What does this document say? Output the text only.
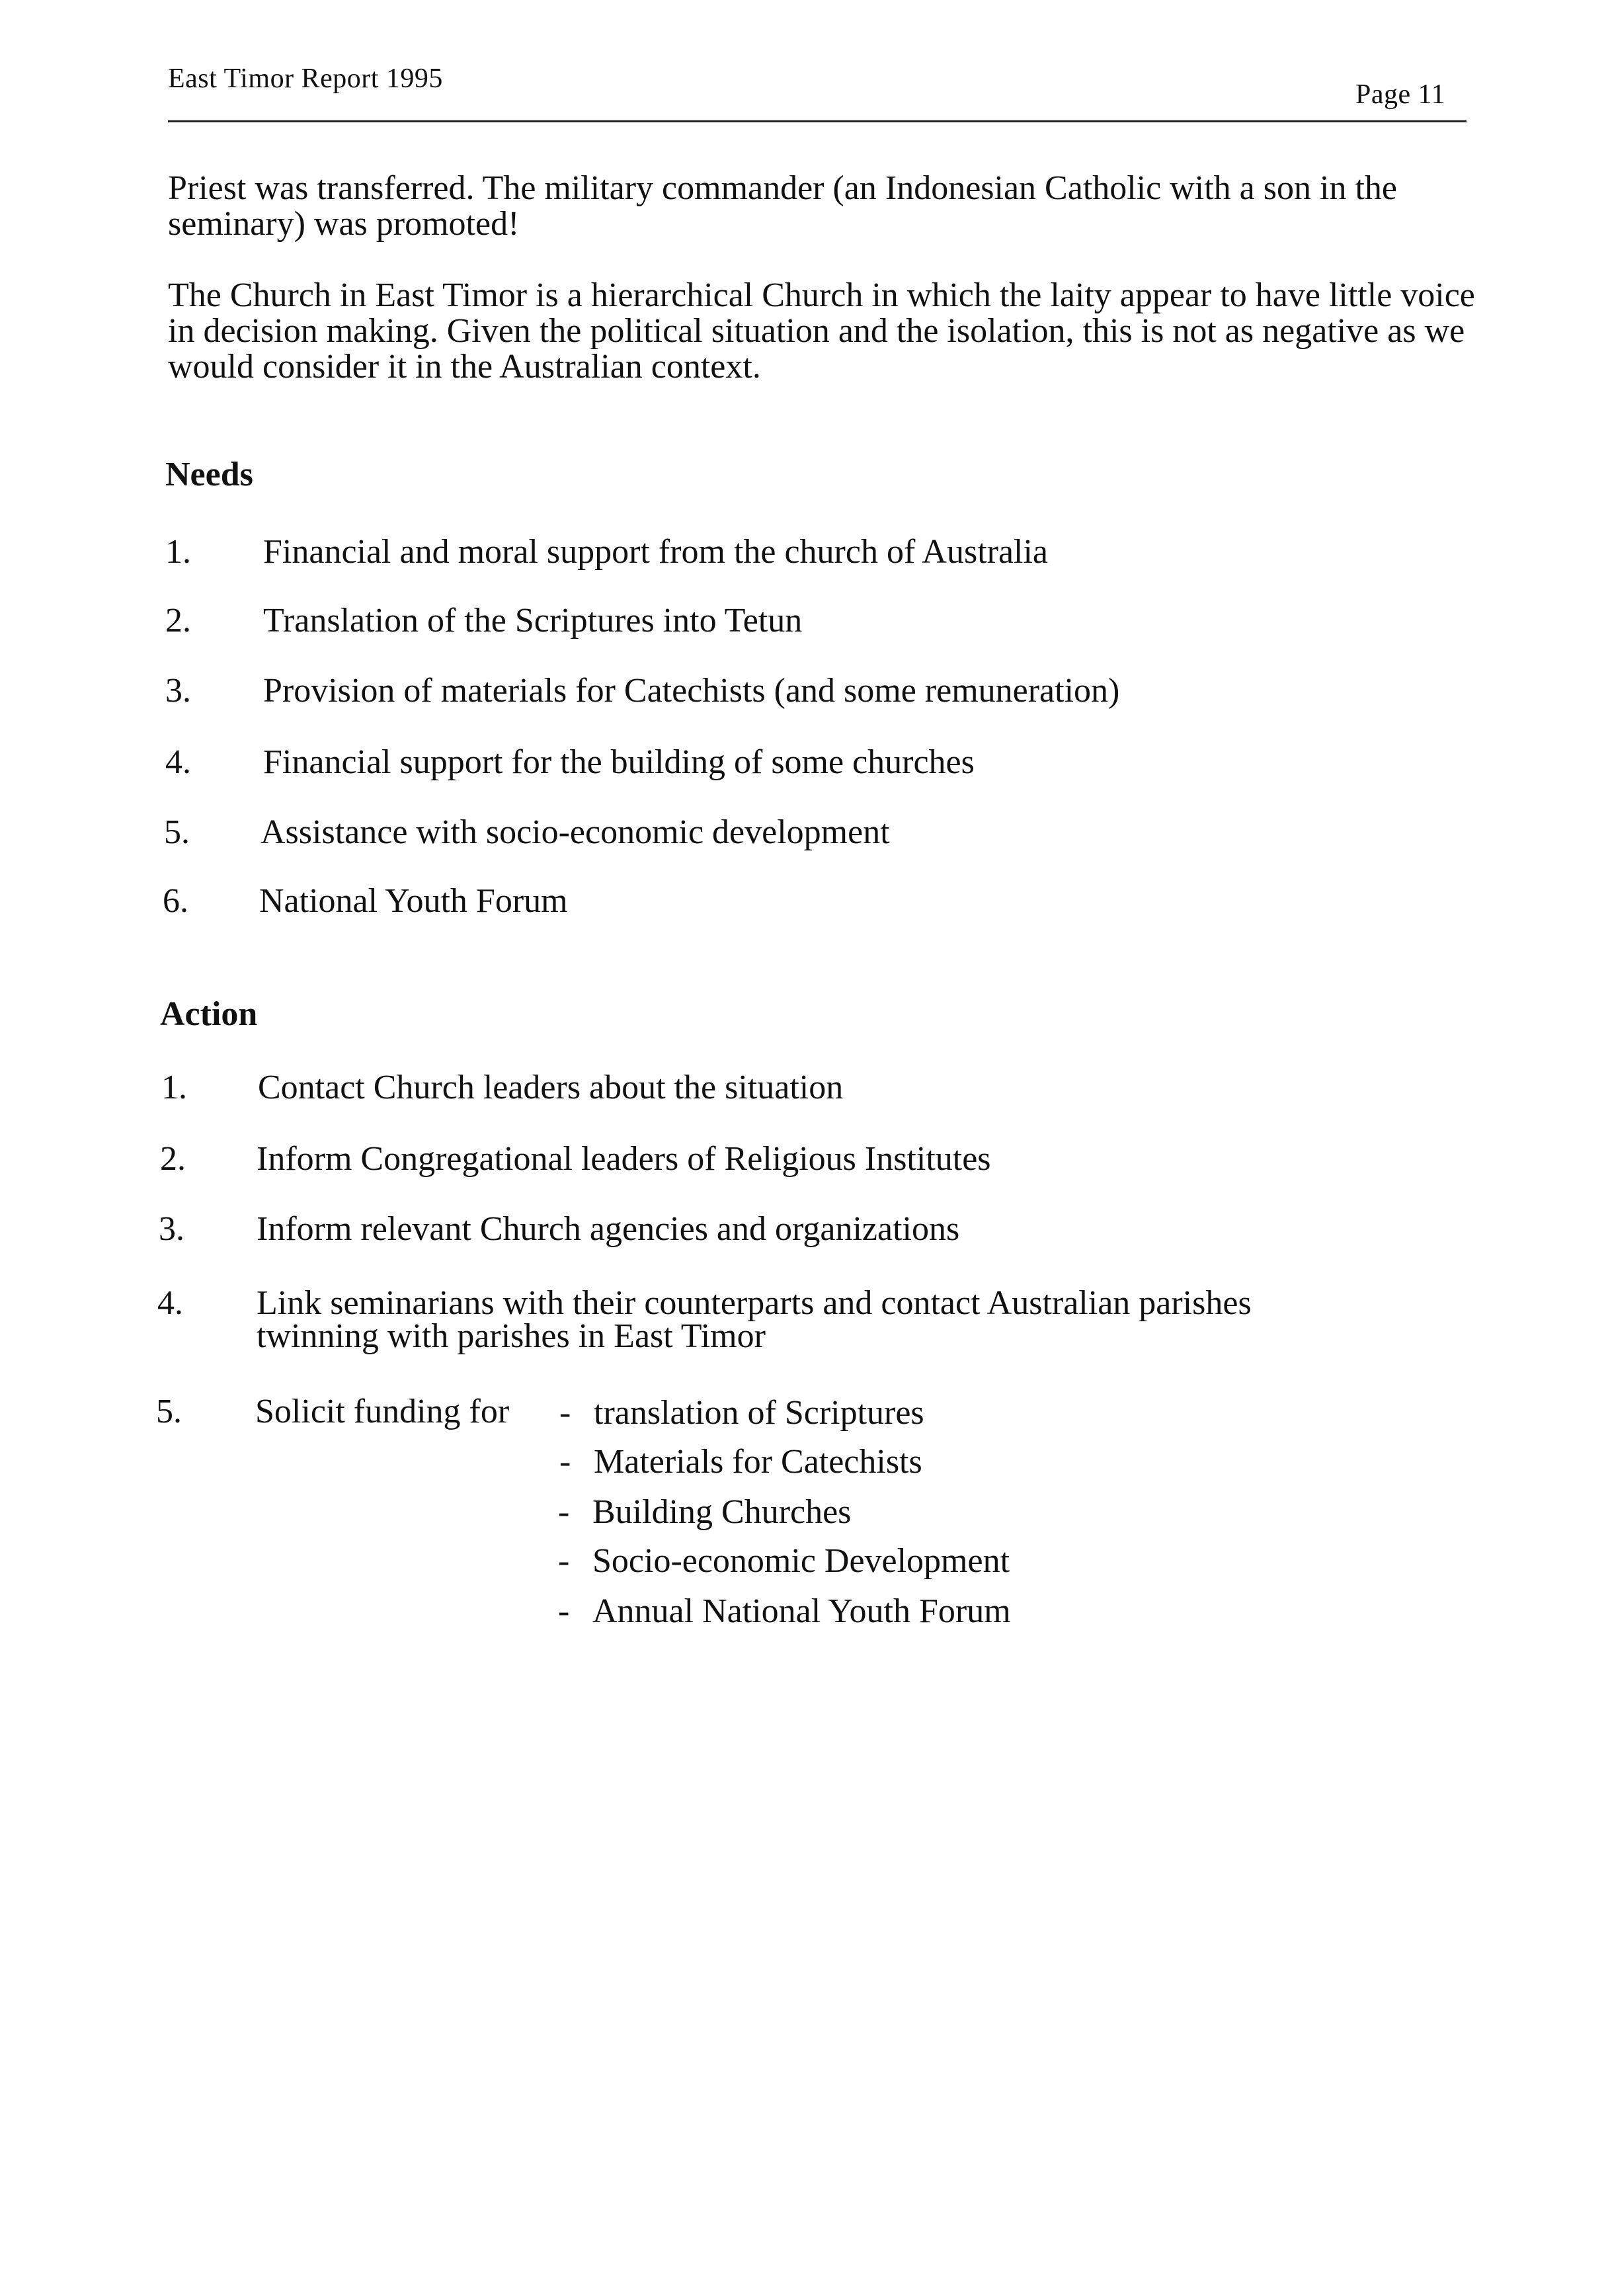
East Timor Report 1995
Page 11

Priest was transferred. The military commander (an Indonesian Catholic with a son in the seminary) was promoted!

The Church in East Timor is a hierarchical Church in which the laity appear to have little voice in decision making. Given the political situation and the isolation, this is not as negative as we would consider it in the Australian context.

Needs
1. Financial and moral support from the church of Australia
2. Translation of the Scriptures into Tetun
3. Provision of materials for Catechists (and some remuneration)
4. Financial support for the building of some churches
5. Assistance with socio-economic development
6. National Youth Forum
Action
1. Contact Church leaders about the situation
2. Inform Congregational leaders of Religious Institutes
3. Inform relevant Church agencies and organizations
4. Link seminarians with their counterparts and contact Australian parishes
twinning with parishes in East Timor
5. Solicit funding for - translation of Scriptures
- Materials for Catechists
- Building Churches
- Socio-economic Development
- Annual National Youth Forum
